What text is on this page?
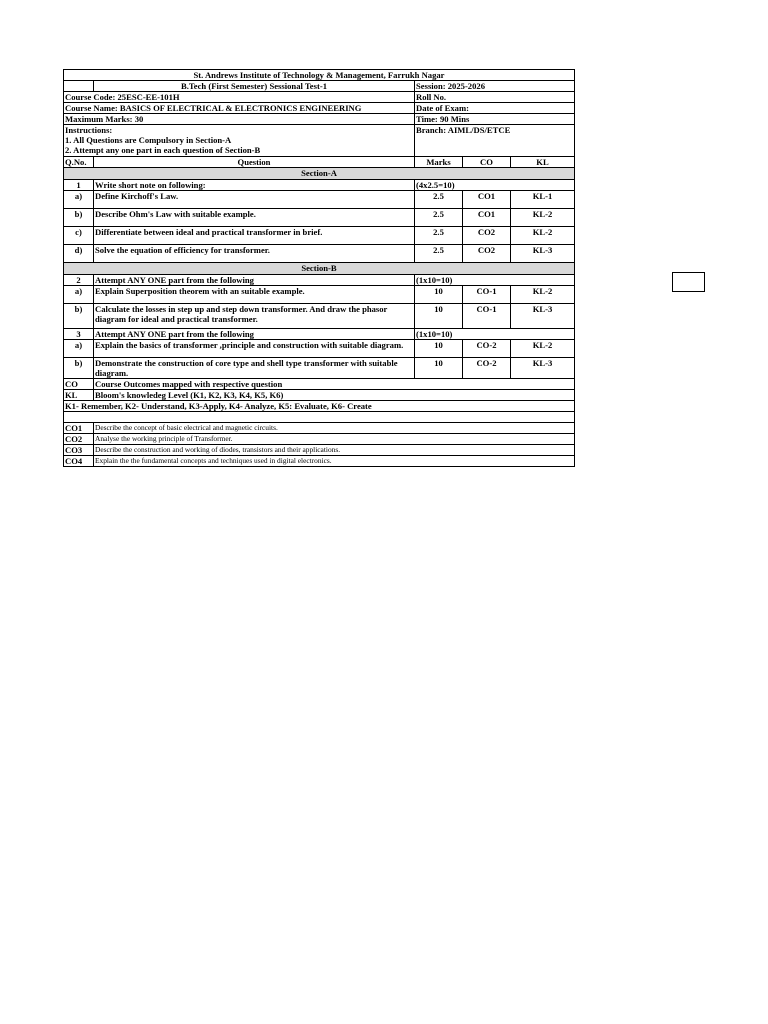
St. Andrews Institute of Technology & Management, Farrukh Nagar				
	B.Tech (First Semester) Sessional Test-1	Session: 2025-2026		
Course Code: 25ESC-EE-101H		Roll No.		
Course Name: BASICS OF ELECTRICAL & ELECTRONICS ENGINEERING		Date of Exam:		
Maximum Marks: 30		Time: 90 Mins		

Instructions:
1. All Questions are Compulsory in Section-A
2. Attempt any one part in each question of Section-B		Branch: AIML/DS/ETCE		
Q.No.	Question	Marks	CO	KL
Section-A				
1	Write short note on following:	(4x2.5=10)		
a)	Define Kirchoff's Law.	2.5	CO1	KL-1
b)	Describe Ohm's Law with suitable example.	2.5	CO1	KL-2
c)	Differentiate between ideal and practical transformer in brief.	2.5	CO2	KL-2
d)	Solve the equation of efficiency for transformer.	2.5	CO2	KL-3
Section-B				
2	Attempt ANY ONE part from the following	(1x10=10)		
a)	Explain Superposition theorem with an suitable example.	10	CO-1	KL-2
b)	Calculate the losses in step up and step down transformer. And draw the phasor diagram for ideal and practical transformer.	10	CO-1	KL-3
3	Attempt ANY ONE part from the following	(1x10=10)		
a)	Explain the basics of transformer ,principle and construction with suitable diagram.	10	CO-2	KL-2
b)	Demonstrate the construction of core type and shell type transformer with suitable diagram.	10	CO-2	KL-3
CO	Course Outcomes mapped with respective question			
KL	Bloom's knowledeg Level (K1, K2, K3, K4, K5, K6)			
K1- Remember, K2- Understand, K3-Apply, K4- Analyze, K5: Evaluate, K6- Create				

CO1	Describe the concept of basic electrical and magnetic circuits.			
CO2	Analyse the working principle of Transformer.			
CO3	Describe the construction and working of diodes, transistors and their applications.			
CO4	Explain the the fundamental concepts and techniques used in digital electronics.			
